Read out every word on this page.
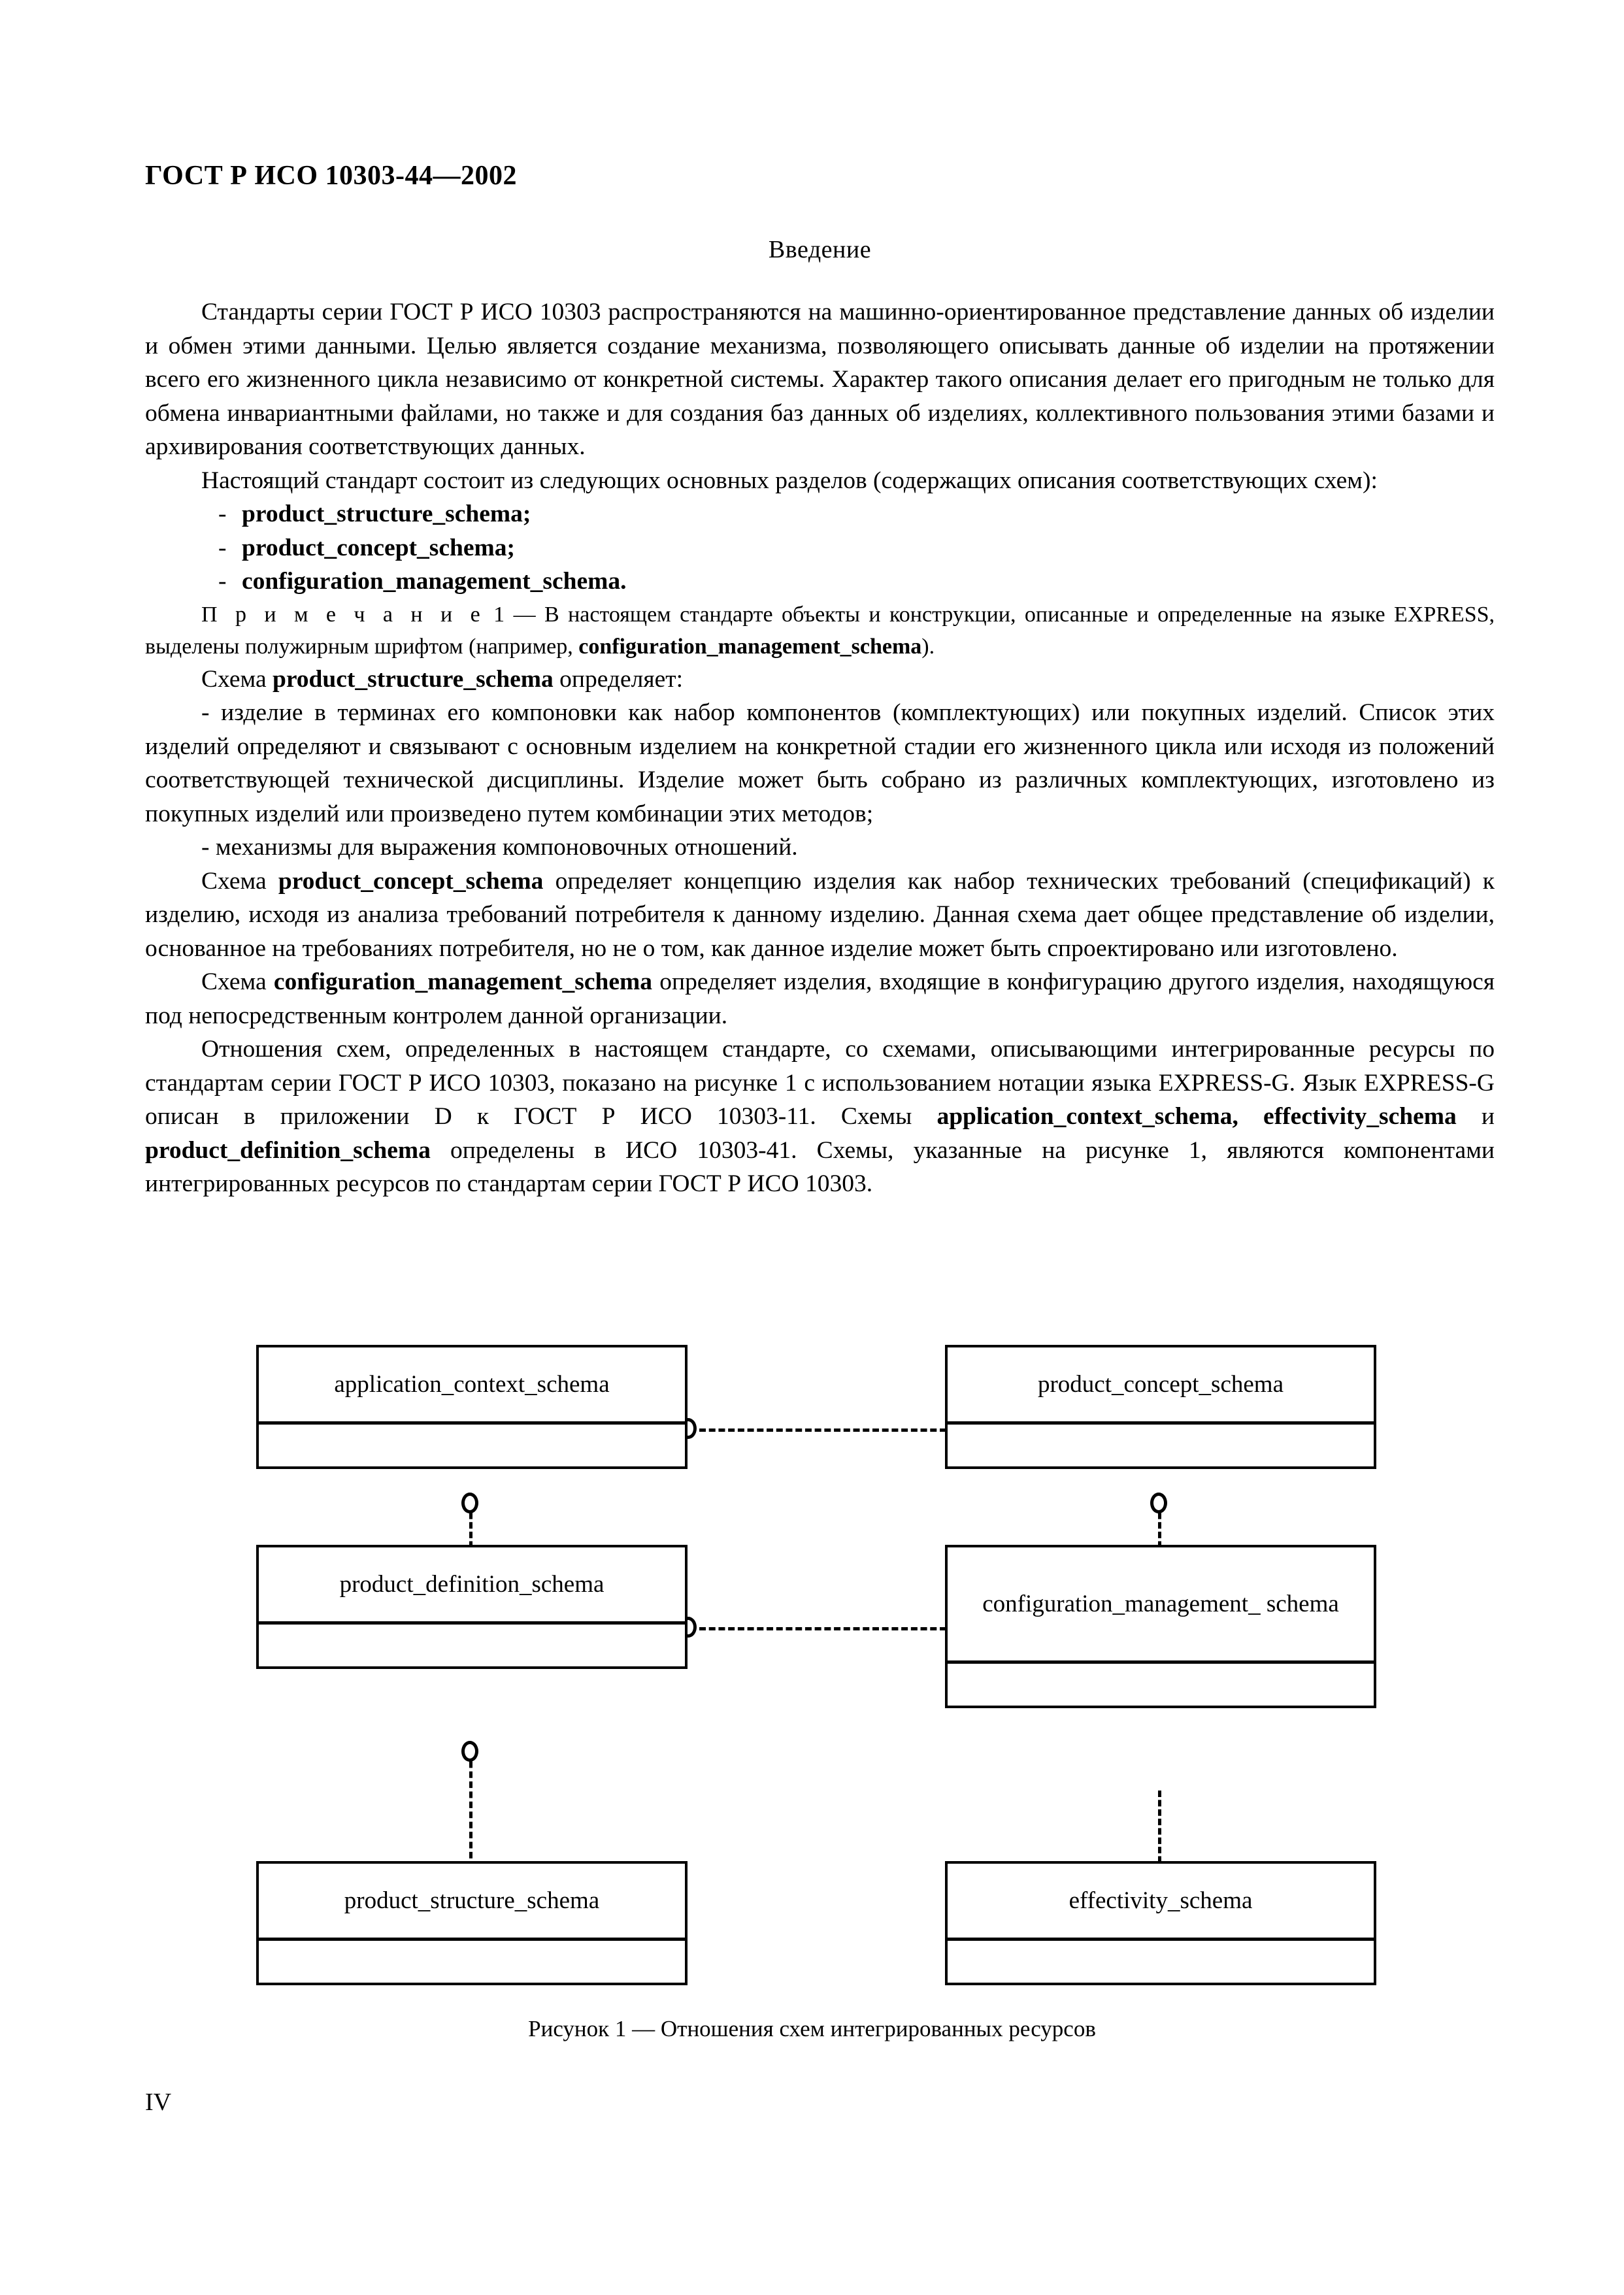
ГОСТ Р ИСО 10303-44—2002
Введение

Стандарты серии ГОСТ Р ИСО 10303 распространяются на машинно-ориентированное представление данных об изделии и обмен этими данными. Целью является создание механизма, позволяющего описывать данные об изделии на протяжении всего его жизненного цикла независимо от конкретной системы. Характер такого описания делает его пригодным не только для обмена инвариантными файлами, но также и для создания баз данных об изделиях, коллективного пользования этими базами и архивирования соответствующих данных.

Настоящий стандарт состоит из следующих основных разделов (содержащих описания соответствующих схем):

- product_structure_schema;
- product_concept_schema;
- configuration_management_schema.

П р и м е ч а н и е 1 — В настоящем стандарте объекты и конструкции, описанные и определенные на языке EXPRESS, выделены полужирным шрифтом (например, configuration_management_schema).

Схема product_structure_schema определяет:

- изделие в терминах его компоновки как набор компонентов (комплектующих) или покупных изделий. Список этих изделий определяют и связывают с основным изделием на конкретной стадии его жизненного цикла или исходя из положений соответствующей технической дисциплины. Изделие может быть собрано из различных комплектующих, изготовлено из покупных изделий или произведено путем комбинации этих методов;

- механизмы для выражения компоновочных отношений.

Схема product_concept_schema определяет концепцию изделия как набор технических требований (спецификаций) к изделию, исходя из анализа требований потребителя к данному изделию. Данная схема дает общее представление об изделии, основанное на требованиях потребителя, но не о том, как данное изделие может быть спроектировано или изготовлено.

Схема configuration_management_schema определяет изделия, входящие в конфигурацию другого изделия, находящуюся под непосредственным контролем данной организации.

Отношения схем, определенных в настоящем стандарте, со схемами, описывающими интегрированные ресурсы по стандартам серии ГОСТ Р ИСО 10303, показано на рисунке 1 с использованием нотации языка EXPRESS-G. Язык EXPRESS-G описан в приложении D к ГОСТ Р ИСО 10303-11. Схемы application_context_schema, effectivity_schema и product_definition_schema определены в ИСО 10303-41. Схемы, указанные на рисунке 1, являются компонентами интегрированных ресурсов по стандартам серии ГОСТ Р ИСО 10303.

application_context_schema	product_concept_schema
product_definition_schema
configuration_management_ schema
product_structure_schema	effectivity_schema
Рисунок 1 — Отношения схем интегрированных ресурсов
IV
